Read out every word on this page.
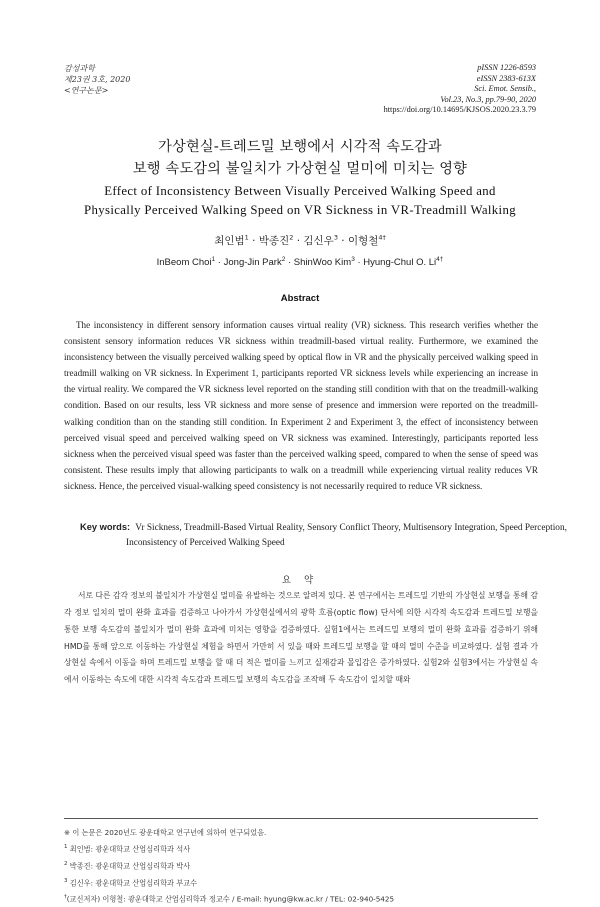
감성과학
제23권 3호, 2020
<연구논문>
pISSN 1226-8593
eISSN 2383-613X
Sci. Emot. Sensib.,
Vol.23, No.3, pp.79-90, 2020
https://doi.org/10.14695/KJSOS.2020.23.3.79
가상현실-트레드밀 보행에서 시각적 속도감과
보행 속도감의 불일치가 가상현실 멀미에 미치는 영향
Effect of Inconsistency Between Visually Perceived Walking Speed and
Physically Perceived Walking Speed on VR Sickness in VR-Treadmill Walking
최인범$^1$ · 박종진$^2$ · 김신우$^3$ · 이형철$^{4\dagger}$
InBeom Choi$^1$ · Jong-Jin Park$^2$ · ShinWoo Kim$^3$ · Hyung-Chul O. $Li^{4\dagger}$
Abstract

The inconsistency in different sensory information causes virtual reality (VR) sickness. This research verifies whether the consistent sensory information reduces VR sickness within treadmill-based virtual reality. Furthermore, we examined the inconsistency between the visually perceived walking speed by optical flow in VR and the physically perceived walking speed in treadmill walking on VR sickness. In Experiment 1, participants reported VR sickness levels while experiencing an increase in the virtual reality. We compared the VR sickness level reported on the standing still condition with that on the treadmill-walking condition. Based on our results, less VR sickness and more sense of presence and immersion were reported on the treadmill-walking condition than on the standing still condition. In Experiment 2 and Experiment 3, the effect of inconsistency between perceived visual speed and perceived walking speed on VR sickness was examined. Interestingly, participants reported less sickness when the perceived visual speed was faster than the perceived walking speed, compared to when the sense of speed was consistent. These results imply that allowing participants to walk on a treadmill while experiencing virtual reality reduces VR sickness. Hence, the perceived visual-walking speed consistency is not necessarily required to reduce VR sickness.

Key words: Vr Sickness, Treadmill-Based Virtual Reality, Sensory Conflict Theory, Multisensory Integration, Speed Perception, Inconsistency of Perceived Walking Speed

요 약

서로 다른 감각 정보의 불일치가 가상현실 멀미를 유발하는 것으로 알려져 있다. 본 연구에서는 트레드밀 기반의 가상현실 보행을 통해 감각 정보 일치의 멀미 완화 효과를 검증하고 나아가서 가상현실에서의 광학 흐름(optic flow) 단서에 의한 시각적 속도감과 트레드밀 보행을 통한 보행 속도감의 불일치가 멀미 완화 효과에 미치는 영향을 검증하였다. 실험1에서는 트레드밀 보행의 멀미 완화 효과를 검증하기 위해 HMD를 통해 앞으로 이동하는 가상현실 체험을 하면서 가만히 서 있을 때와 트레드밀 보행을 할 때의 멀미 수준을 비교하였다. 실험 결과 가상현실 속에서 이동을 하며 트레드밀 보행을 할 때 더 적은 멀미를 느끼고 실재감과 몰입감은 증가하였다. 실험2와 실험3에서는 가상현실 속에서 이동하는 속도에 대한 시각적 속도감과 트레드밀 보행의 속도감을 조작해 두 속도감이 일치할 때와

※ 이 논문은 2020년도 광운대학교 연구년에 의하여 연구되었음.
$^1$ 최인범: 광운대학교 산업심리학과 석사
$^2$ 박종진: 광운대학교 산업심리학과 박사
$^3$ 김신우: 광운대학교 산업심리학과 부교수
†(교신저자) 이형철: 광운대학교 산업심리학과 정교수 / E-mail: hyung@kw.ac.kr / TEL: 02-940-5425
